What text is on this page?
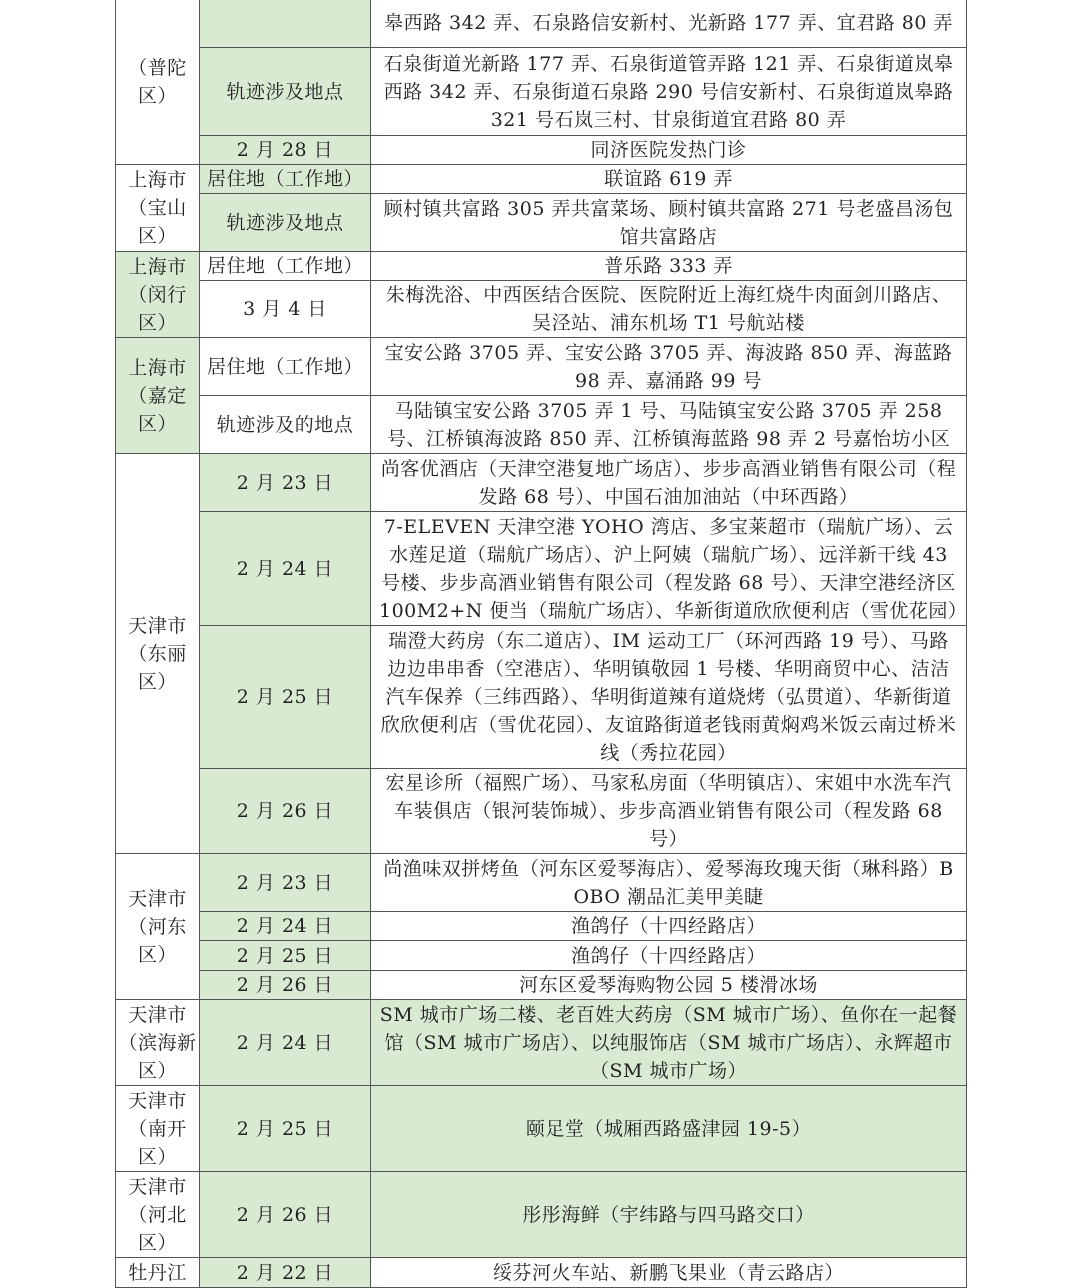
（普陀区）		皋西路 342 弄、石泉路信安新村、光新路 177 弄、宜君路 80 弄
	轨迹涉及地点	石泉街道光新路 177 弄、石泉街道管弄路 121 弄、石泉街道岚皋西路 342 弄、石泉街道石泉路 290 号信安新村、石泉街道岚皋路 321 号石岚三村、甘泉街道宜君路 80 弄
	2 月 28 日	同济医院发热门诊
上海市（宝山区）	居住地（工作地）	联谊路 619 弄
	轨迹涉及地点	顾村镇共富路 305 弄共富菜场、顾村镇共富路 271 号老盛昌汤包馆共富路店
上海市（闵行区）	居住地（工作地）	普乐路 333 弄
	3 月 4 日	朱梅洗浴、中西医结合医院、医院附近上海红烧牛肉面剑川路店、吴泾站、浦东机场 T1 号航站楼
上海市（嘉定区）	居住地（工作地）	宝安公路 3705 弄、宝安公路 3705 弄、海波路 850 弄、海蓝路 98 弄、嘉涌路 99 号
	轨迹涉及的地点	马陆镇宝安公路 3705 弄 1 号、马陆镇宝安公路 3705 弄 258 号、江桥镇海波路 850 弄、江桥镇海蓝路 98 弄 2 号嘉怡坊小区
天津市（东丽区）	2 月 23 日	尚客优酒店（天津空港复地广场店）、步步高酒业销售有限公司（程发路 68 号）、中国石油加油站（中环西路）
	2 月 24 日	7-ELEVEN 天津空港 YOHO 湾店、多宝莱超市（瑞航广场）、云水莲足道（瑞航广场店）、沪上阿姨（瑞航广场）、远洋新干线 43 号楼、步步高酒业销售有限公司（程发路 68 号）、天津空港经济区 100M2+N 便当（瑞航广场店）、华新街道欣欣便利店（雪优花园）
	2 月 25 日	瑞澄大药房（东二道店）、IM 运动工厂（环河西路 19 号）、马路边边串串香（空港店）、华明镇敬园 1 号楼、华明商贸中心、洁洁汽车保养（三纬西路）、华明街道辣有道烧烤（弘贯道）、华新街道欣欣便利店（雪优花园）、友谊路街道老钱雨黄焖鸡米饭云南过桥米线（秀拉花园）
	2 月 26 日	宏星诊所（福熙广场）、马家私房面（华明镇店）、宋姐中水洗车汽车装俱店（银河装饰城）、步步高酒业销售有限公司（程发路 68 号）
天津市（河东区）	2 月 23 日	尚渔味双拼烤鱼（河东区爱琴海店）、爱琴海玫瑰天街（琳科路）BOBO 潮品汇美甲美睫
	2 月 24 日	渔鸽仔（十四经路店）
	2 月 25 日	渔鸽仔（十四经路店）
	2 月 26 日	河东区爱琴海购物公园 5 楼滑冰场
天津市（滨海新区）	2 月 24 日	SM 城市广场二楼、老百姓大药房（SM 城市广场）、鱼你在一起餐馆（SM 城市广场店）、以纯服饰店（SM 城市广场店）、永辉超市（SM 城市广场）
天津市（南开区）	2 月 25 日	颐足堂（城厢西路盛津园 19-5）
天津市（河北区）	2 月 26 日	彤彤海鲜（宇纬路与四马路交口）
牡丹江	2 月 22 日	绥芬河火车站、新鹏飞果业（青云路店）
